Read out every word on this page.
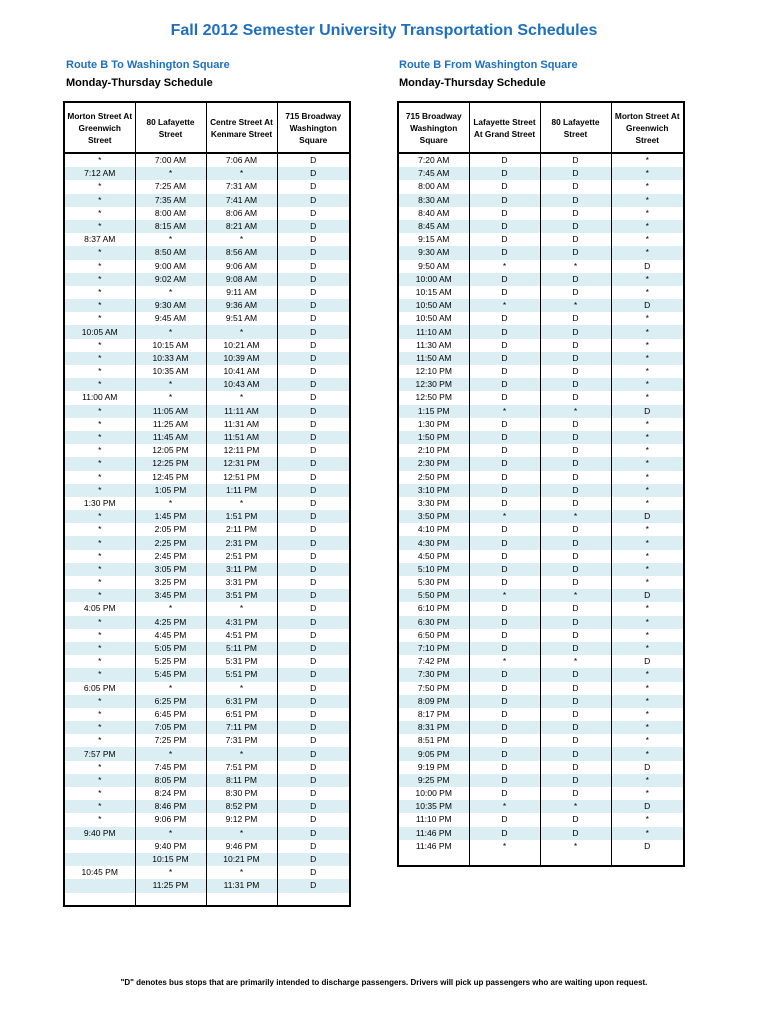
Fall 2012 Semester University Transportation Schedules
Route B To Washington Square
Monday-Thursday Schedule
Route B From Washington Square
Monday-Thursday Schedule
Morton Street At Greenwich Street	80 Lafayette Street	Centre Street At Kenmare Street	715 Broadway Washington Square
*	7:00 AM	7:06 AM	D
7:12 AM	*	*	D
*	7:25 AM	7:31 AM	D
*	7:35 AM	7:41 AM	D
*	8:00 AM	8:06 AM	D
*	8:15 AM	8:21 AM	D
8:37 AM	*	*	D
*	8:50 AM	8:56 AM	D
*	9:00 AM	9:06 AM	D
*	9:02 AM	9:08 AM	D
*	*	9:11 AM	D
*	9:30 AM	9:36 AM	D
*	9:45 AM	9:51 AM	D
10:05 AM	*	*	D
*	10:15 AM	10:21 AM	D
*	10:33 AM	10:39 AM	D
*	10:35 AM	10:41 AM	D
*	*	10:43 AM	D
11:00 AM	*	*	D
*	11:05 AM	11:11 AM	D
*	11:25 AM	11:31 AM	D
*	11:45 AM	11:51 AM	D
*	12:05 PM	12:11 PM	D
*	12:25 PM	12:31 PM	D
*	12:45 PM	12:51 PM	D
*	1:05 PM	1:11 PM	D
1:30 PM	*	*	D
*	1:45 PM	1:51 PM	D
*	2:05 PM	2:11 PM	D
*	2:25 PM	2:31 PM	D
*	2:45 PM	2:51 PM	D
*	3:05 PM	3:11 PM	D
*	3:25 PM	3:31 PM	D
*	3:45 PM	3:51 PM	D
4:05 PM	*	*	D
*	4:25 PM	4:31 PM	D
*	4:45 PM	4:51 PM	D
*	5:05 PM	5:11 PM	D
*	5:25 PM	5:31 PM	D
*	5:45 PM	5:51 PM	D
6:05 PM	*	*	D
*	6:25 PM	6:31 PM	D
*	6:45 PM	6:51 PM	D
*	7:05 PM	7:11 PM	D
*	7:25 PM	7:31 PM	D
7:57 PM	*	*	D
*	7:45 PM	7:51 PM	D
*	8:05 PM	8:11 PM	D
*	8:24 PM	8:30 PM	D
*	8:46 PM	8:52 PM	D
*	9:06 PM	9:12 PM	D
9:40 PM	*	*	D
	9:40 PM	9:46 PM	D
	10:15 PM	10:21 PM	D
10:45 PM	*	*	D
	11:25 PM	11:31 PM	D

715 Broadway Washington Square	Lafayette Street At Grand Street	80 Lafayette Street	Morton Street At Greenwich Street
7:20 AM	D	D	*
7:45 AM	D	D	*
8:00 AM	D	D	*
8:30 AM	D	D	*
8:40 AM	D	D	*
8:45 AM	D	D	*
9:15 AM	D	D	*
9:30 AM	D	D	*
9:50 AM	*	*	D
10:00 AM	D	D	*
10:15 AM	D	D	*
10:50 AM	*	*	D
10:50 AM	D	D	*
11:10 AM	D	D	*
11:30 AM	D	D	*
11:50 AM	D	D	*
12:10 PM	D	D	*
12:30 PM	D	D	*
12:50 PM	D	D	*
1:15 PM	*	*	D
1:30 PM	D	D	*
1:50 PM	D	D	*
2:10 PM	D	D	*
2:30 PM	D	D	*
2:50 PM	D	D	*
3:10 PM	D	D	*
3:30 PM	D	D	*
3:50 PM	*	*	D
4:10 PM	D	D	*
4:30 PM	D	D	*
4:50 PM	D	D	*
5:10 PM	D	D	*
5:30 PM	D	D	*
5:50 PM	*	*	D
6:10 PM	D	D	*
6:30 PM	D	D	*
6:50 PM	D	D	*
7:10 PM	D	D	*
7:42 PM	*	*	D
7:30 PM	D	D	*
7:50 PM	D	D	*
8:09 PM	D	D	*
8:17 PM	D	D	*
8:31 PM	D	D	*
8:51 PM	D	D	*
9:05 PM	D	D	*
9:19 PM	D	D	D
9:25 PM	D	D	*
10:00 PM	D	D	*
10:35 PM	*	*	D
11:10 PM	D	D	*
11:46 PM	D	D	*
11:46 PM	*	*	D

"D" denotes bus stops that are primarily intended to discharge passengers. Drivers will pick up passengers who are waiting upon request.
